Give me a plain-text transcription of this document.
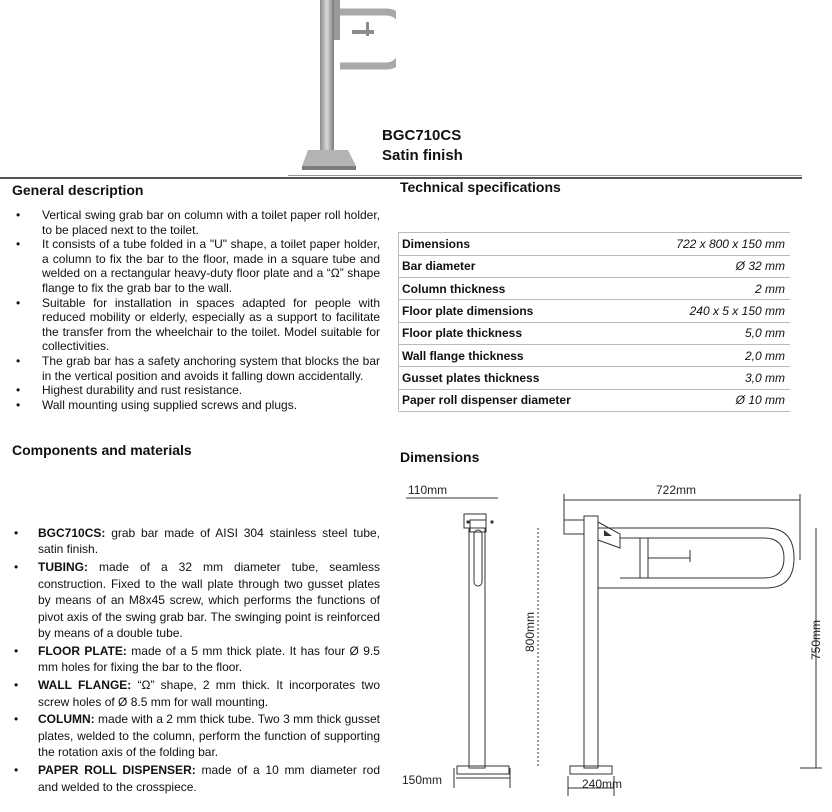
BGC710CS
Satin finish
General description
• Vertical swing grab bar on column with a toilet paper roll holder, to be placed next to the toilet.
• It consists of a tube folded in a "U" shape, a toilet paper holder, a column to fix the bar to the floor, made in a square tube and welded on a rectangular heavy-duty floor plate and a “Ω” shape flange to fix the grab bar to the wall.
• Suitable for installation in spaces adapted for people with reduced mobility or elderly, especially as a support to facilitate the transfer from the wheelchair to the toilet. Model suitable for collectivities.
• The grab bar has a safety anchoring system that blocks the bar in the vertical position and avoids it falling down accidentally.
• Highest durability and rust resistance.
• Wall mounting using supplied screws and plugs.
Technical specifications
Dimensions	722 x 800 x 150 mm
Bar diameter	Ø 32 mm
Column thickness	2 mm
Floor plate dimensions	240 x 5 x 150 mm
Floor plate thickness	5,0 mm
Wall flange thickness	2,0 mm
Gusset plates thickness	3,0 mm
Paper roll dispenser diameter	Ø 10 mm
Components and materials
• BGC710CS: grab bar made of AISI 304 stainless steel tube, satin finish.
• TUBING: made of a 32 mm diameter tube, seamless construction. Fixed to the wall plate through two gusset plates by means of an M8x45 screw, which performs the functions of pivot axis of the swing grab bar. The swinging point is reinforced by means of a double tube.
• FLOOR PLATE: made of a 5 mm thick plate. It has four Ø 9.5 mm holes for fixing the bar to the floor.
• WALL FLANGE: “Ω” shape, 2 mm thick. It incorporates two screw holes of Ø 8.5 mm for wall mounting.
• COLUMN: made with a 2 mm thick tube. Two 3 mm thick gusset plates, welded to the column, perform the function of supporting the rotation axis of the folding bar.
• PAPER ROLL DISPENSER: made of a 10 mm diameter rod and welded to the crosspiece.
Dimensions
110mm	722mm
800mm	750mm
150mm	240mm
